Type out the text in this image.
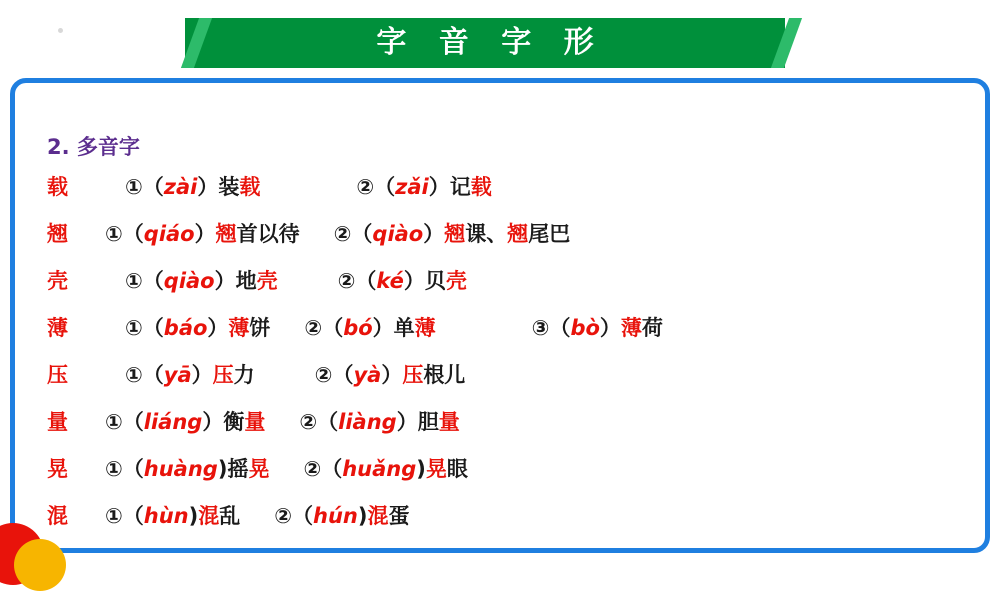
字 音 字 形
2. 多音字
载	①（zài）装载	②（zǎi）记载
翘 ①（qiáo）翘首以待 ②（qiào）翘课、翘尾巴
壳	①（qiào）地壳	②（ké）贝壳
薄	①（báo）薄饼 ②（bó）单薄	③（bò）薄荷
压	①（yā）压力	②（yà）压根儿
量 ①（liáng）衡量 ②（liàng）胆量
晃 ①（huàng)摇晃 ②（huǎng)晃眼
混 ①（hùn)混乱 ②（hún)混蛋
